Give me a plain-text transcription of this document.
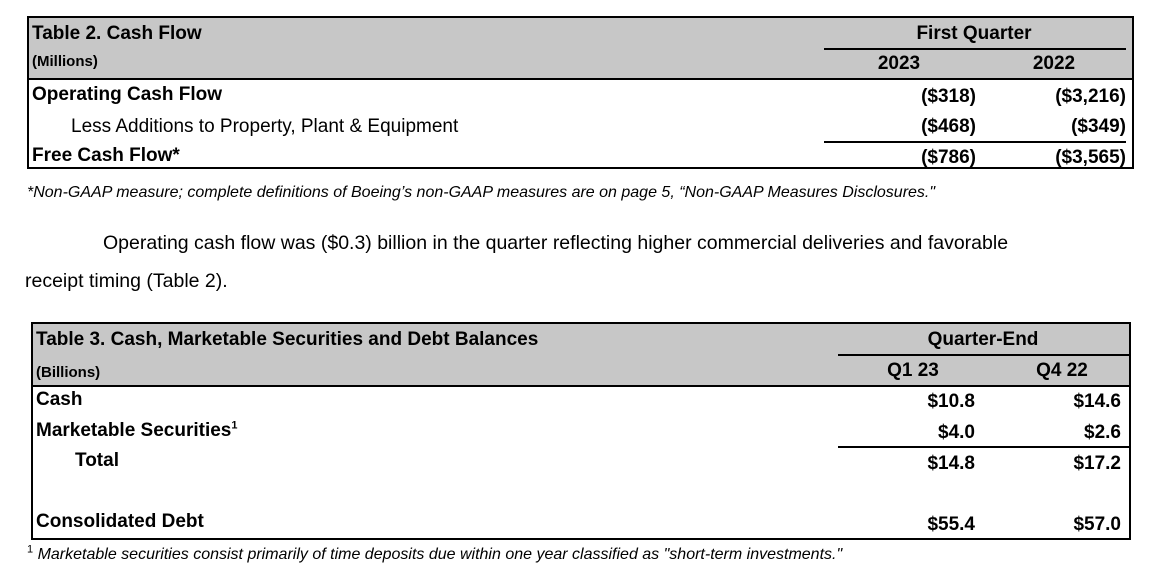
Table 2. Cash Flow
(Millions)
First Quarter
2023	2022
Operating Cash Flow	($318)	($3,216)
Less Additions to Property, Plant & Equipment	($468)	($349)
Free Cash Flow*	($786)	($3,565)
*Non-GAAP measure; complete definitions of Boeing’s non-GAAP measures are on page 5, “Non-GAAP Measures Disclosures."
Operating cash flow was ($0.3) billion in the quarter reflecting higher commercial deliveries and favorable
receipt timing (Table 2).
Table 3. Cash, Marketable Securities and Debt Balances
(Billions)
Quarter-End
Q1 23	Q4 22
Cash	$10.8	$14.6
Marketable Securities$^1$	$4.0	$2.6
Total	$14.8	$17.2
Consolidated Debt	$55.4	$57.0
$^1$ Marketable securities consist primarily of time deposits due within one year classified as "short-term investments."
